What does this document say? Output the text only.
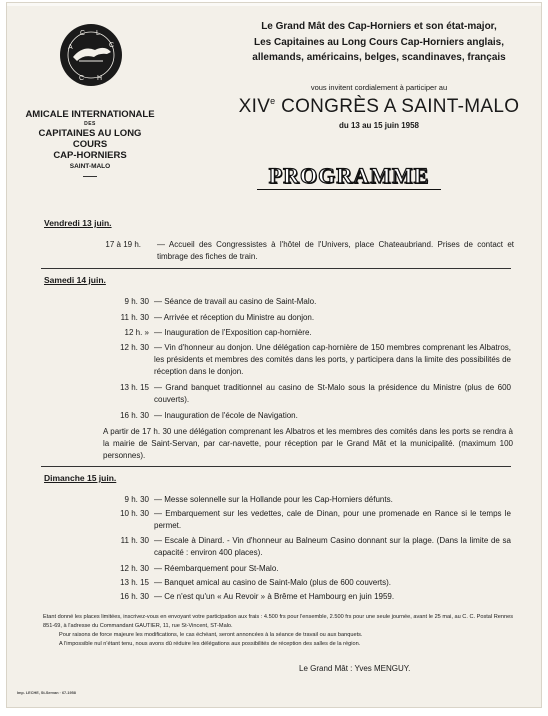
A
C L
C
C H
AMICALE INTERNATIONALE
DES
CAPITAINES AU LONG COURS
CAP-HORNIERS
SAINT-MALO
Le Grand Mât des Cap-Horniers et son état-major,
Les Capitaines au Long Cours Cap-Horniers anglais,
allemands, américains, belges, scandinaves, français
vous invitent cordialement à participer au
XIVe CONGRÈS A SAINT-MALO
du 13 au 15 juin 1958
PROGRAMME
Vendredi 13 juin.
17 à 19 h. — Accueil des Congressistes à l'hôtel de l'Univers, place Chateaubriand. Prises de contact et timbrage des fiches de train.
Samedi 14 juin.
9 h. 30 — Séance de travail au casino de Saint-Malo.
11 h. 30 — Arrivée et réception du Ministre au donjon.
12 h. » — Inauguration de l'Exposition cap-hornière.
12 h. 30 — Vin d'honneur au donjon. Une délégation cap-hornière de 150 membres comprenant les Albatros, les présidents et membres des comités dans les ports, y participera dans la limite des possibilités de réception dans le donjon.
13 h. 15 — Grand banquet traditionnel au casino de St-Malo sous la présidence du Ministre (plus de 600 couverts).
16 h. 30 — Inauguration de l'école de Navigation.
A partir de 17 h. 30 une délégation comprenant les Albatros et les membres des comités dans les ports se rendra à la mairie de Saint-Servan, par car-navette, pour réception par le Grand Mât et la municipalité. (maximum 100 personnes).
Dimanche 15 juin.
9 h. 30 — Messe solennelle sur la Hollande pour les Cap-Horniers défunts.
10 h. 30 — Embarquement sur les vedettes, cale de Dinan, pour une promenade en Rance si le temps le permet.
11 h. 30 — Escale à Dinard. - Vin d'honneur au Balneum Casino donnant sur la plage. (Dans la limite de sa capacité : environ 400 places).
12 h. 30 — Réembarquement pour St-Malo.
13 h. 15 — Banquet amical au casino de Saint-Malo (plus de 600 couverts).
16 h. 30 — Ce n'est qu'un « Au Revoir » à Brême et Hambourg en juin 1959.

Etant donné les places limitées, inscrivez-vous en envoyant votre participation aux frais : 4.500 frs pour l'ensemble, 2.500 frs pour une seule journée, avant le 25 mai, au C. C. Postal Rennes 851-69, à l'adresse du Commandant GAUTIER, 11, rue St-Vincent, ST-Malo.

Pour raisons de force majeure les modifications, le cas échéant, seront annoncées à la séance de travail ou aux banquets.

A l'impossible nul n'étant tenu, nous avons dû réduire les délégations aux possibilités de réception des salles de la région.

Le Grand Mât : Yves MENGUY.
Imp. LECHE, St-Servan · 67-1958
